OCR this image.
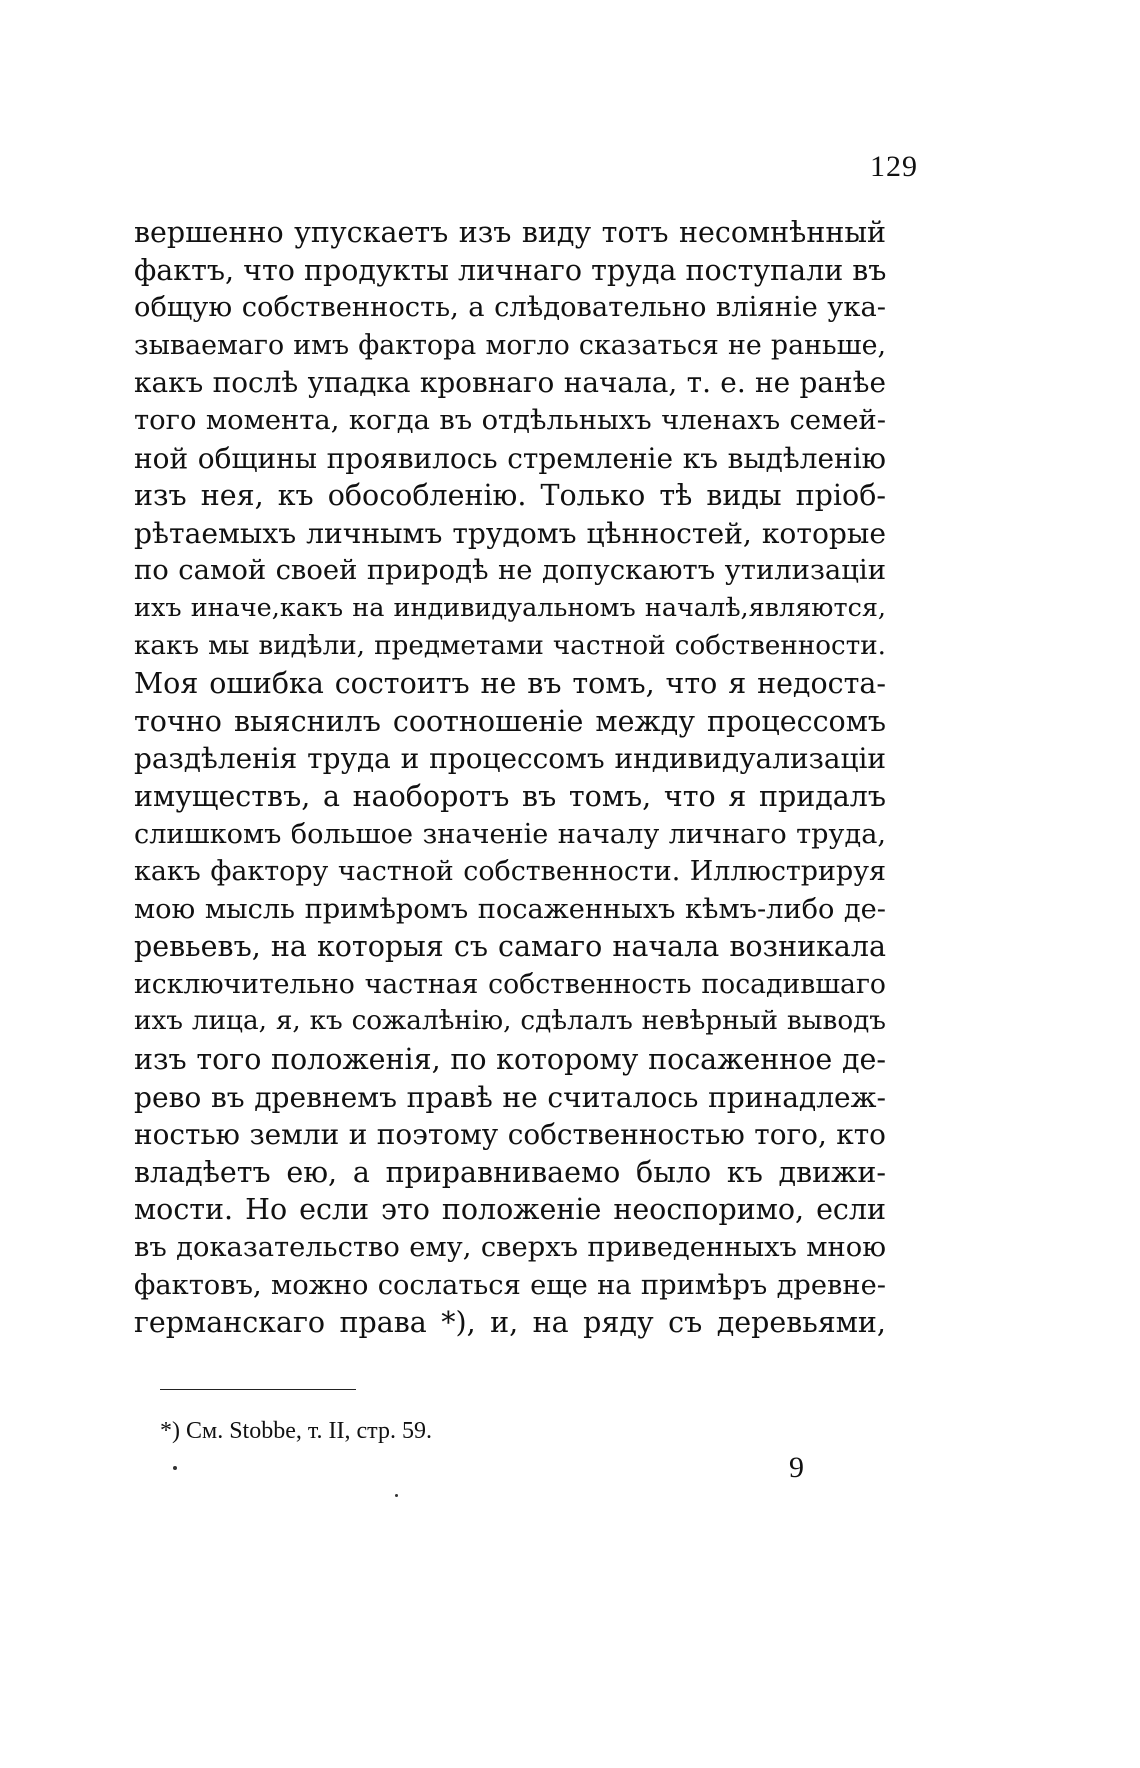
129
вершенно упускаетъ изъ виду тотъ несомнѣнный
фактъ, что продукты личнаго труда поступали въ
общую собственность, а слѣдовательно вліяніе ука-
зываемаго имъ фактора могло сказаться не раньше,
какъ послѣ упадка кровнаго начала, т. е. не ранѣе
того момента, когда въ отдѣльныхъ членахъ семей-
ной общины проявилось стремленіе къ выдѣленію
изъ нея, къ обособленію. Только тѣ виды пріоб-
рѣтаемыхъ личнымъ трудомъ цѣнностей, которые
по самой своей природѣ не допускаютъ утилизаціи
ихъ иначе,какъ на индивидуальномъ началѣ,являются,
какъ мы видѣли, предметами частной собственности.
Моя ошибка состоитъ не въ томъ, что я недоста-
точно выяснилъ соотношеніе между процессомъ
раздѣленія труда и процессомъ индивидуализаціи
имуществъ, а наоборотъ въ томъ, что я придалъ
слишкомъ большое значеніе началу личнаго труда,
какъ фактору частной собственности. Иллюстрируя
мою мысль примѣромъ посаженныхъ кѣмъ-либо де-
ревьевъ, на которыя съ самаго начала возникала
исключительно частная собственность посадившаго
ихъ лица, я, къ сожалѣнію, сдѣлалъ невѣрный выводъ
изъ того положенія, по которому посаженное де-
рево въ древнемъ правѣ не считалось принадлеж-
ностью земли и поэтому собственностью того, кто
владѣетъ ею, а приравниваемо было къ движи-
мости. Но если это положеніе неоспоримо, если
въ доказательство ему, сверхъ приведенныхъ мною
фактовъ, можно сослаться еще на примѣръ древне-
германскаго права *), и, на ряду съ деревьями,
*) См. Stobbe, т. II, стр. 59.
9
